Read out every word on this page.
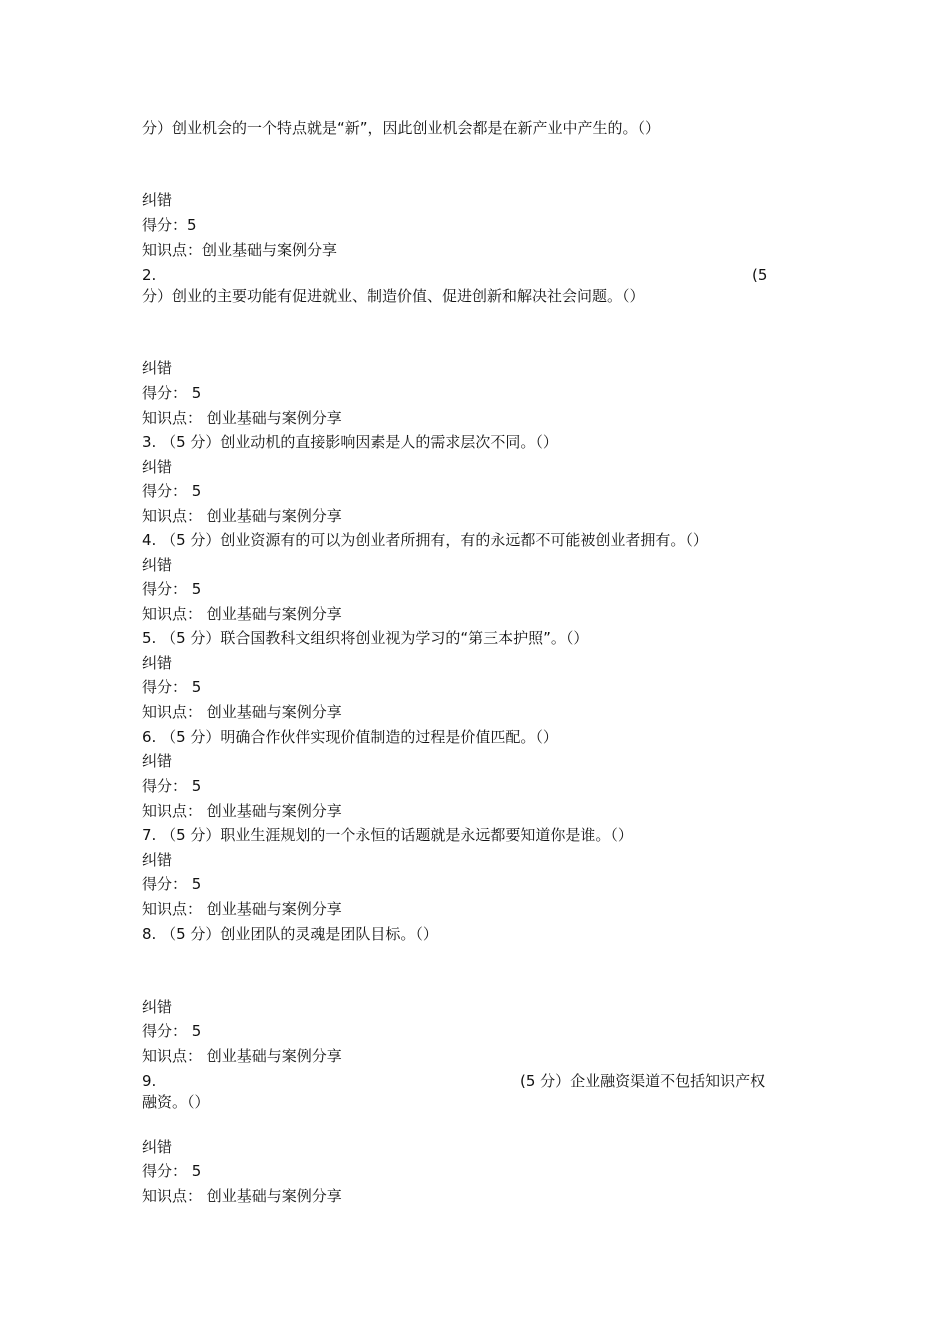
分）创业机会的一个特点就是“新”，因此创业机会都是在新产业中产生的。（）
纠错
得分：5
知识点：创业基础与案例分享
2.	(5
分）创业的主要功能有促进就业、制造价值、促进创新和解决社会问题。（）
纠错
得分： 5
知识点： 创业基础与案例分享
3. （5 分）创业动机的直接影响因素是人的需求层次不同。（）
纠错
得分： 5
知识点： 创业基础与案例分享
4. （5 分）创业资源有的可以为创业者所拥有，有的永远都不可能被创业者拥有。（）
纠错
得分： 5
知识点： 创业基础与案例分享
5. （5 分）联合国教科文组织将创业视为学习的“第三本护照”。（）
纠错
得分： 5
知识点： 创业基础与案例分享
6. （5 分）明确合作伙伴实现价值制造的过程是价值匹配。（）
纠错
得分： 5
知识点： 创业基础与案例分享
7. （5 分）职业生涯规划的一个永恒的话题就是永远都要知道你是谁。（）
纠错
得分： 5
知识点： 创业基础与案例分享
8. （5 分）创业团队的灵魂是团队目标。（）
纠错
得分： 5
知识点： 创业基础与案例分享
9.	(5 分）企业融资渠道不包括知识产权
融资。（）
纠错
得分： 5
知识点： 创业基础与案例分享
